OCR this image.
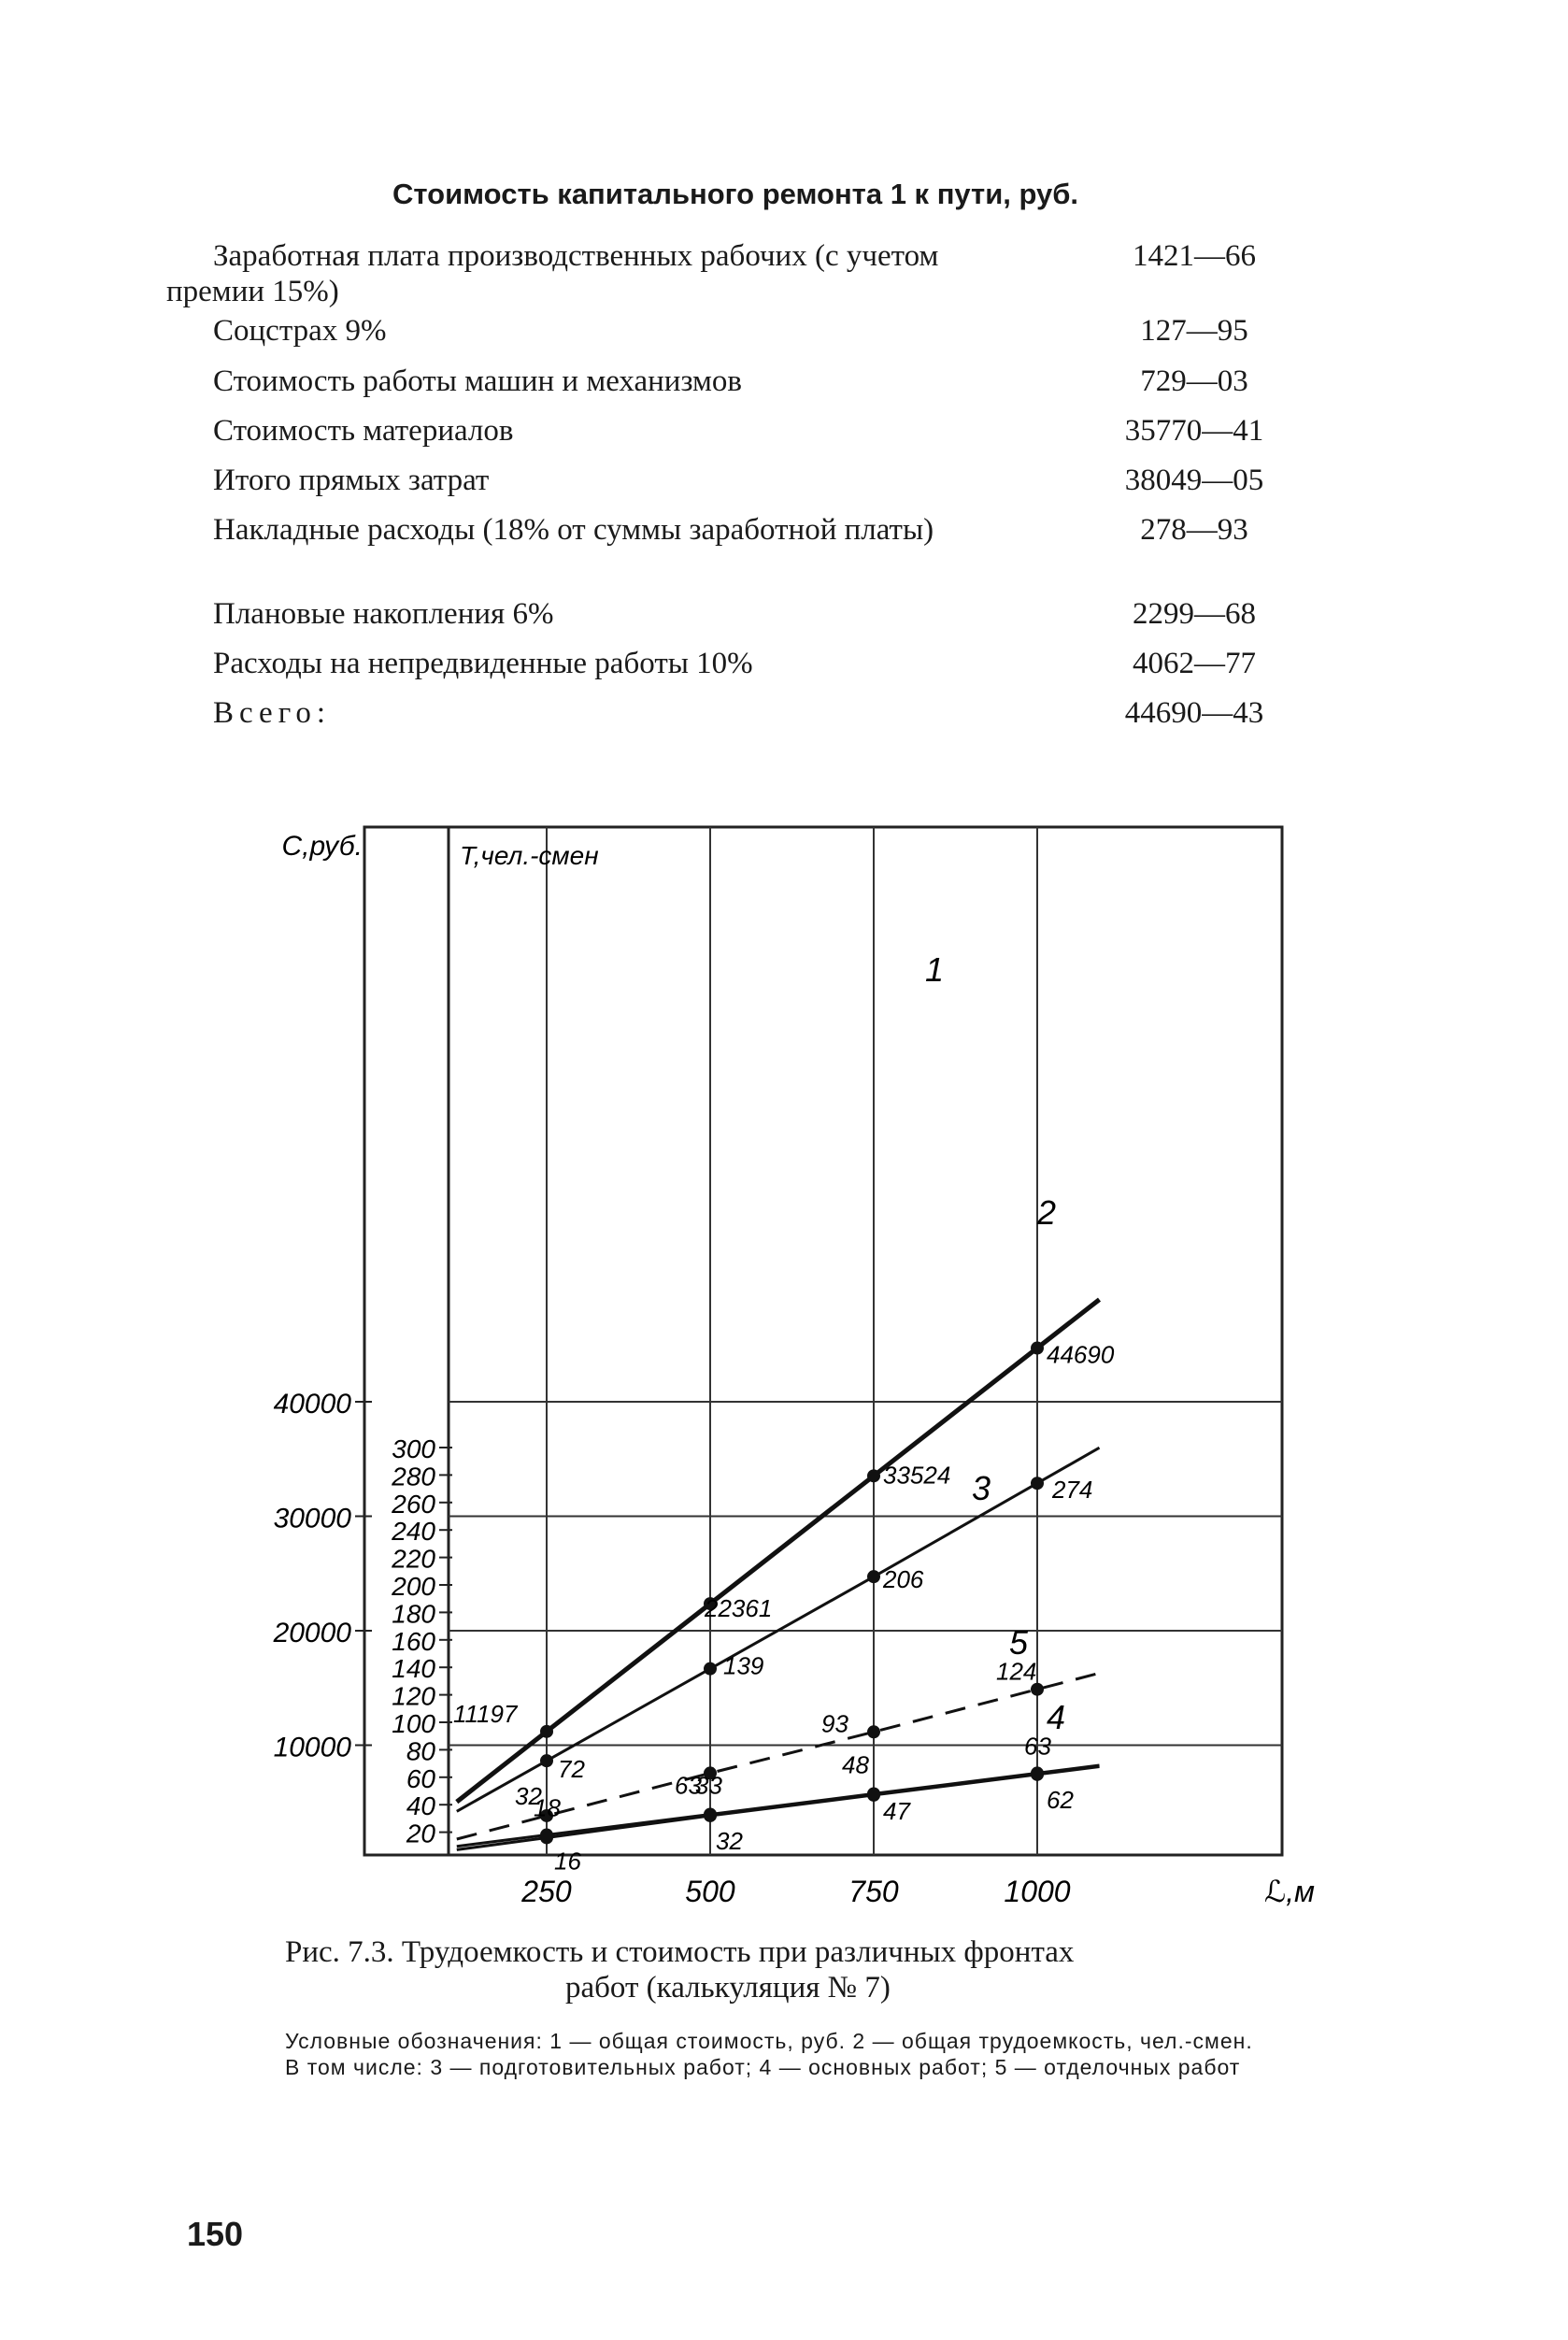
Стоимость капитального ремонта 1 к пути, руб.
Заработная плата производственных рабочих (с учетом премии 15%)
1421—66
Соцстрах 9%	127—95
Стоимость работы машин и механизмов	729—03
Стоимость материалов	35770—41
Итого прямых затрат	38049—05
Накладные расходы (18% от суммы заработной платы)	278—93
Плановые накопления 6%	2299—68
Расходы на непредвиденные работы 10%	4062—77
Всего:	44690—43
10000
20000
30000
40000
250	500	750	1000
20
40
60
80
100
120
140
160
180
200
220
240
260
280
300
С,руб.	Т,чел.-смен
ℒ,м
11197
22361
33524
44690
1
72
139
206
274
2
32	63
93
124
3
16
32
47	62
4
18
33
48
63
5
Рис. 7.3. Трудоемкость и стоимость при различных фронтах
работ (калькуляция № 7)

Условные обозначения: 1 — общая стоимость, руб. 2 — общая трудоемкость, чел.-смен.

В том числе: 3 — подготовительных работ; 4 — основных работ; 5 — отделочных работ

150
